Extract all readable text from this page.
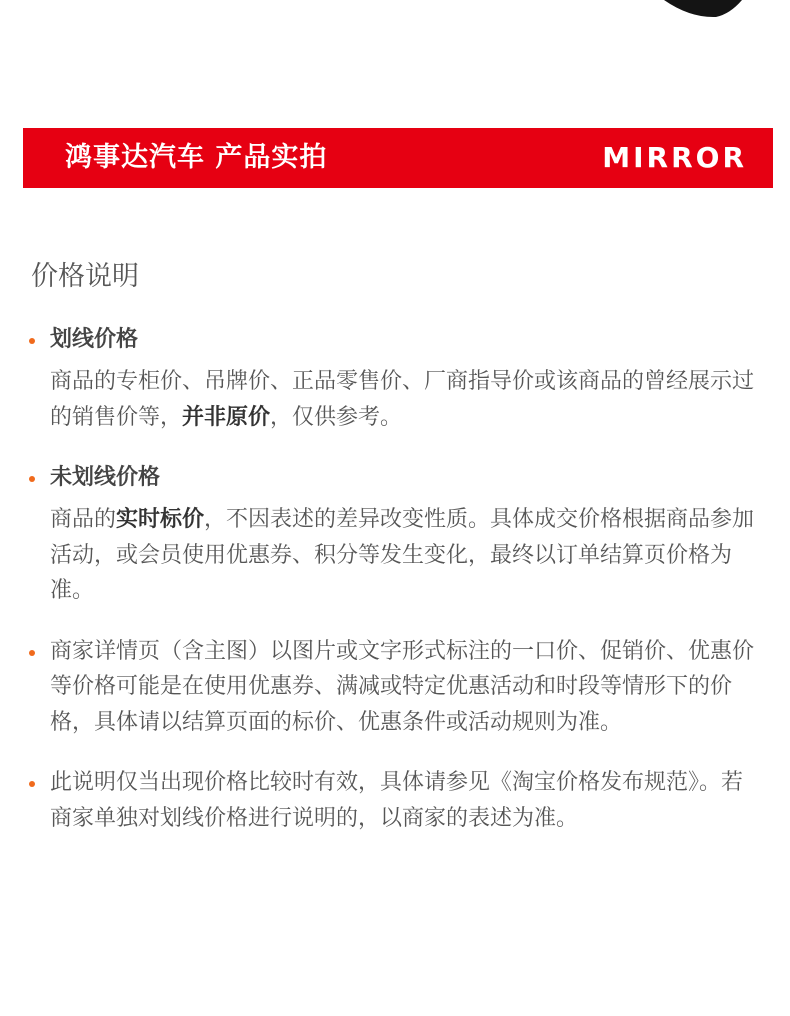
鸿事达汽车 产品实拍	MIRROR
价格说明
划线价格
商品的专柜价、吊牌价、正品零售价、厂商指导价或该商品的曾经展示过的销售价等，并非原价，仅供参考。
未划线价格
商品的实时标价，不因表述的差异改变性质。具体成交价格根据商品参加活动，或会员使用优惠券、积分等发生变化，最终以订单结算页价格为准。
商家详情页（含主图）以图片或文字形式标注的一口价、促销价、优惠价等价格可能是在使用优惠券、满减或特定优惠活动和时段等情形下的价格，具体请以结算页面的标价、优惠条件或活动规则为准。
此说明仅当出现价格比较时有效，具体请参见《淘宝价格发布规范》。若商家单独对划线价格进行说明的，以商家的表述为准。
